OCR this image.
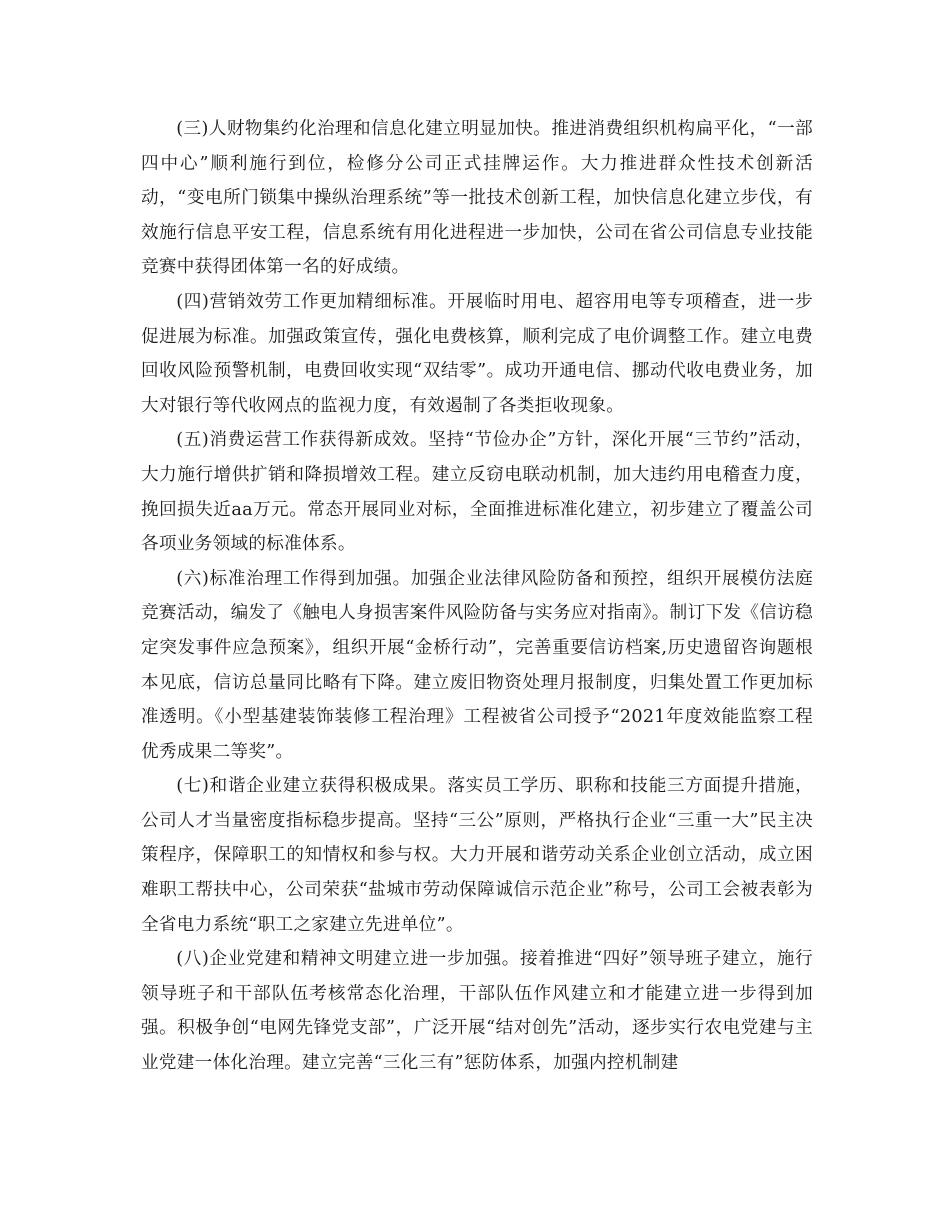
(三)人财物集约化治理和信息化建立明显加快。推进消费组织机构扁平化，“一部四中心”顺利施行到位，检修分公司正式挂牌运作。大力推进群众性技术创新活动，“变电所门锁集中操纵治理系统”等一批技术创新工程，加快信息化建立步伐，有效施行信息平安工程，信息系统有用化进程进一步加快，公司在省公司信息专业技能竞赛中获得团体第一名的好成绩。

(四)营销效劳工作更加精细标准。开展临时用电、超容用电等专项稽查，进一步促进展为标准。加强政策宣传，强化电费核算，顺利完成了电价调整工作。建立电费回收风险预警机制，电费回收实现“双结零”。成功开通电信、挪动代收电费业务，加大对银行等代收网点的监视力度，有效遏制了各类拒收现象。

(五)消费运营工作获得新成效。坚持“节俭办企”方针，深化开展“三节约”活动，大力施行增供扩销和降损增效工程。建立反窃电联动机制，加大违约用电稽查力度，挽回损失近aa万元。常态开展同业对标，全面推进标准化建立，初步建立了覆盖公司各项业务领域的标准体系。

(六)标准治理工作得到加强。加强企业法律风险防备和预控，组织开展模仿法庭竞赛活动，编发了《触电人身损害案件风险防备与实务应对指南》。制订下发《信访稳定突发事件应急预案》，组织开展“金桥行动”，完善重要信访档案,历史遗留咨询题根本见底，信访总量同比略有下降。建立废旧物资处理月报制度，归集处置工作更加标准透明。《小型基建装饰装修工程治理》工程被省公司授予“2021年度效能监察工程优秀成果二等奖”。

(七)和谐企业建立获得积极成果。落实员工学历、职称和技能三方面提升措施，公司人才当量密度指标稳步提高。坚持“三公”原则，严格执行企业“三重一大”民主决策程序，保障职工的知情权和参与权。大力开展和谐劳动关系企业创立活动，成立困难职工帮扶中心，公司荣获“盐城市劳动保障诚信示范企业”称号，公司工会被表彰为全省电力系统“职工之家建立先进单位”。

(八)企业党建和精神文明建立进一步加强。接着推进“四好”领导班子建立，施行领导班子和干部队伍考核常态化治理，干部队伍作风建立和才能建立进一步得到加强。积极争创“电网先锋党支部”，广泛开展“结对创先”活动，逐步实行农电党建与主业党建一体化治理。建立完善“三化三有”惩防体系，加强内控机制建
